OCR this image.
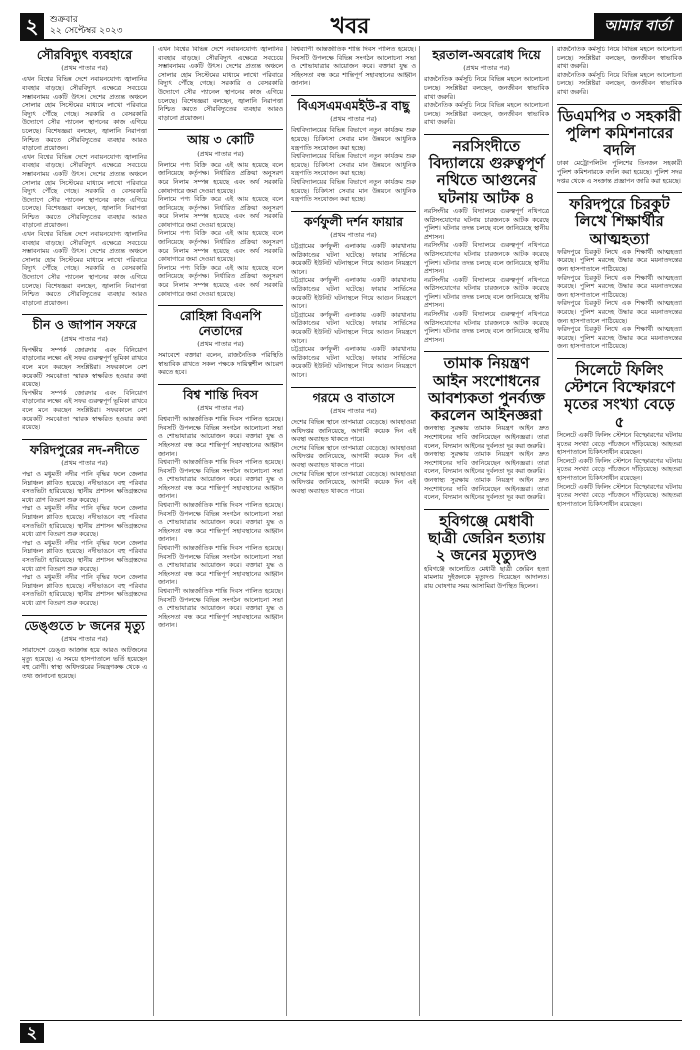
২	শুক্রবার
২২ সেপ্টেম্বর ২০২৩	খবর	আমার বার্তা
সৌরবিদ্যুৎ ব্যবহারে
(প্রথম পাতার পর)

এখন বিশ্বের বিভিন্ন দেশে নবায়নযোগ্য জ্বালানির ব্যবহার বাড়ছে। সৌরবিদ্যুৎ এক্ষেত্রে সবচেয়ে সম্ভাবনাময় একটি উৎস। দেশের প্রত্যন্ত অঞ্চলে সোলার হোম সিস্টেমের মাধ্যমে লাখো পরিবারে বিদ্যুৎ পৌঁছে গেছে। সরকারি ও বেসরকারি উদ্যোগে সৌর প্যানেল স্থাপনের কাজ এগিয়ে চলেছে। বিশেষজ্ঞরা বলছেন, জ্বালানি নিরাপত্তা নিশ্চিত করতে সৌরবিদ্যুতের ব্যবহার আরও বাড়ানো প্রয়োজন।

এখন বিশ্বের বিভিন্ন দেশে নবায়নযোগ্য জ্বালানির ব্যবহার বাড়ছে। সৌরবিদ্যুৎ এক্ষেত্রে সবচেয়ে সম্ভাবনাময় একটি উৎস। দেশের প্রত্যন্ত অঞ্চলে সোলার হোম সিস্টেমের মাধ্যমে লাখো পরিবারে বিদ্যুৎ পৌঁছে গেছে। সরকারি ও বেসরকারি উদ্যোগে সৌর প্যানেল স্থাপনের কাজ এগিয়ে চলেছে। বিশেষজ্ঞরা বলছেন, জ্বালানি নিরাপত্তা নিশ্চিত করতে সৌরবিদ্যুতের ব্যবহার আরও বাড়ানো প্রয়োজন।

এখন বিশ্বের বিভিন্ন দেশে নবায়নযোগ্য জ্বালানির ব্যবহার বাড়ছে। সৌরবিদ্যুৎ এক্ষেত্রে সবচেয়ে সম্ভাবনাময় একটি উৎস। দেশের প্রত্যন্ত অঞ্চলে সোলার হোম সিস্টেমের মাধ্যমে লাখো পরিবারে বিদ্যুৎ পৌঁছে গেছে। সরকারি ও বেসরকারি উদ্যোগে সৌর প্যানেল স্থাপনের কাজ এগিয়ে চলেছে। বিশেষজ্ঞরা বলছেন, জ্বালানি নিরাপত্তা নিশ্চিত করতে সৌরবিদ্যুতের ব্যবহার আরও বাড়ানো প্রয়োজন।

চীন ও জাপান সফরে
(প্রথম পাতার পর)

দ্বিপক্ষীয় সম্পর্ক জোরদার এবং বিনিয়োগ বাড়ানোর লক্ষ্যে এই সফর গুরুত্বপূর্ণ ভূমিকা রাখবে বলে মনে করছেন সংশ্লিষ্টরা। সফরকালে বেশ কয়েকটি সমঝোতা স্মারক স্বাক্ষরিত হওয়ার কথা রয়েছে।

দ্বিপক্ষীয় সম্পর্ক জোরদার এবং বিনিয়োগ বাড়ানোর লক্ষ্যে এই সফর গুরুত্বপূর্ণ ভূমিকা রাখবে বলে মনে করছেন সংশ্লিষ্টরা। সফরকালে বেশ কয়েকটি সমঝোতা স্মারক স্বাক্ষরিত হওয়ার কথা রয়েছে।

ফরিদপুরের নদ-নদীতে
(প্রথম পাতার পর)

পদ্মা ও মধুমতী নদীর পানি বৃদ্ধির ফলে জেলার নিম্নাঞ্চল প্লাবিত হয়েছে। নদীভাঙনে বহু পরিবার বসতভিটা হারিয়েছে। স্থানীয় প্রশাসন ক্ষতিগ্রস্তদের মধ্যে ত্রাণ বিতরণ শুরু করেছে।

পদ্মা ও মধুমতী নদীর পানি বৃদ্ধির ফলে জেলার নিম্নাঞ্চল প্লাবিত হয়েছে। নদীভাঙনে বহু পরিবার বসতভিটা হারিয়েছে। স্থানীয় প্রশাসন ক্ষতিগ্রস্তদের মধ্যে ত্রাণ বিতরণ শুরু করেছে।

পদ্মা ও মধুমতী নদীর পানি বৃদ্ধির ফলে জেলার নিম্নাঞ্চল প্লাবিত হয়েছে। নদীভাঙনে বহু পরিবার বসতভিটা হারিয়েছে। স্থানীয় প্রশাসন ক্ষতিগ্রস্তদের মধ্যে ত্রাণ বিতরণ শুরু করেছে।

পদ্মা ও মধুমতী নদীর পানি বৃদ্ধির ফলে জেলার নিম্নাঞ্চল প্লাবিত হয়েছে। নদীভাঙনে বহু পরিবার বসতভিটা হারিয়েছে। স্থানীয় প্রশাসন ক্ষতিগ্রস্তদের মধ্যে ত্রাণ বিতরণ শুরু করেছে।

ডেঙ্গুতে ৮ জনের মৃত্যু
(প্রথম পাতার পর)

সারাদেশে ডেঙ্গু আক্রান্ত হয়ে আরও আটজনের মৃত্যু হয়েছে। এ সময়ে হাসপাতালে ভর্তি হয়েছেন বহু রোগী। স্বাস্থ্য অধিদপ্তরের নিয়ন্ত্রণকক্ষ থেকে এ তথ্য জানানো হয়েছে।

এখন বিশ্বের বিভিন্ন দেশে নবায়নযোগ্য জ্বালানির ব্যবহার বাড়ছে। সৌরবিদ্যুৎ এক্ষেত্রে সবচেয়ে সম্ভাবনাময় একটি উৎস। দেশের প্রত্যন্ত অঞ্চলে সোলার হোম সিস্টেমের মাধ্যমে লাখো পরিবারে বিদ্যুৎ পৌঁছে গেছে। সরকারি ও বেসরকারি উদ্যোগে সৌর প্যানেল স্থাপনের কাজ এগিয়ে চলেছে। বিশেষজ্ঞরা বলছেন, জ্বালানি নিরাপত্তা নিশ্চিত করতে সৌরবিদ্যুতের ব্যবহার আরও বাড়ানো প্রয়োজন।

আয় ৩ কোটি
(প্রথম পাতার পর)

নিলামে পণ্য বিক্রি করে এই আয় হয়েছে বলে জানিয়েছে কর্তৃপক্ষ। নির্ধারিত প্রক্রিয়া অনুসরণ করে নিলাম সম্পন্ন হয়েছে এবং অর্থ সরকারি কোষাগারে জমা দেওয়া হয়েছে।

নিলামে পণ্য বিক্রি করে এই আয় হয়েছে বলে জানিয়েছে কর্তৃপক্ষ। নির্ধারিত প্রক্রিয়া অনুসরণ করে নিলাম সম্পন্ন হয়েছে এবং অর্থ সরকারি কোষাগারে জমা দেওয়া হয়েছে।

নিলামে পণ্য বিক্রি করে এই আয় হয়েছে বলে জানিয়েছে কর্তৃপক্ষ। নির্ধারিত প্রক্রিয়া অনুসরণ করে নিলাম সম্পন্ন হয়েছে এবং অর্থ সরকারি কোষাগারে জমা দেওয়া হয়েছে।

নিলামে পণ্য বিক্রি করে এই আয় হয়েছে বলে জানিয়েছে কর্তৃপক্ষ। নির্ধারিত প্রক্রিয়া অনুসরণ করে নিলাম সম্পন্ন হয়েছে এবং অর্থ সরকারি কোষাগারে জমা দেওয়া হয়েছে।

রোহিঙ্গা বিএনপি নেতাদের
(প্রথম পাতার পর)

সমাবেশে বক্তারা বলেন, রাজনৈতিক পরিস্থিতি স্বাভাবিক রাখতে সকল পক্ষকে দায়িত্বশীল আচরণ করতে হবে।

বিশ্ব শান্তি দিবস
(প্রথম পাতার পর)

বিশ্বব্যাপী আন্তর্জাতিক শান্তি দিবস পালিত হয়েছে। দিবসটি উপলক্ষে বিভিন্ন সংগঠন আলোচনা সভা ও শোভাযাত্রার আয়োজন করে। বক্তারা যুদ্ধ ও সহিংসতা বন্ধ করে শান্তিপূর্ণ সহাবস্থানের আহ্বান জানান।

বিশ্বব্যাপী আন্তর্জাতিক শান্তি দিবস পালিত হয়েছে। দিবসটি উপলক্ষে বিভিন্ন সংগঠন আলোচনা সভা ও শোভাযাত্রার আয়োজন করে। বক্তারা যুদ্ধ ও সহিংসতা বন্ধ করে শান্তিপূর্ণ সহাবস্থানের আহ্বান জানান।

বিশ্বব্যাপী আন্তর্জাতিক শান্তি দিবস পালিত হয়েছে। দিবসটি উপলক্ষে বিভিন্ন সংগঠন আলোচনা সভা ও শোভাযাত্রার আয়োজন করে। বক্তারা যুদ্ধ ও সহিংসতা বন্ধ করে শান্তিপূর্ণ সহাবস্থানের আহ্বান জানান।

বিশ্বব্যাপী আন্তর্জাতিক শান্তি দিবস পালিত হয়েছে। দিবসটি উপলক্ষে বিভিন্ন সংগঠন আলোচনা সভা ও শোভাযাত্রার আয়োজন করে। বক্তারা যুদ্ধ ও সহিংসতা বন্ধ করে শান্তিপূর্ণ সহাবস্থানের আহ্বান জানান।

বিশ্বব্যাপী আন্তর্জাতিক শান্তি দিবস পালিত হয়েছে। দিবসটি উপলক্ষে বিভিন্ন সংগঠন আলোচনা সভা ও শোভাযাত্রার আয়োজন করে। বক্তারা যুদ্ধ ও সহিংসতা বন্ধ করে শান্তিপূর্ণ সহাবস্থানের আহ্বান জানান।

বিশ্বব্যাপী আন্তর্জাতিক শান্তি দিবস পালিত হয়েছে। দিবসটি উপলক্ষে বিভিন্ন সংগঠন আলোচনা সভা ও শোভাযাত্রার আয়োজন করে। বক্তারা যুদ্ধ ও সহিংসতা বন্ধ করে শান্তিপূর্ণ সহাবস্থানের আহ্বান জানান।

বিএসএমএমইউ-র বাছু
(প্রথম পাতার পর)

বিশ্ববিদ্যালয়ের বিভিন্ন বিভাগে নতুন কার্যক্রম শুরু হয়েছে। চিকিৎসা সেবার মান উন্নয়নে আধুনিক যন্ত্রপাতি সংযোজন করা হচ্ছে।

বিশ্ববিদ্যালয়ের বিভিন্ন বিভাগে নতুন কার্যক্রম শুরু হয়েছে। চিকিৎসা সেবার মান উন্নয়নে আধুনিক যন্ত্রপাতি সংযোজন করা হচ্ছে।

বিশ্ববিদ্যালয়ের বিভিন্ন বিভাগে নতুন কার্যক্রম শুরু হয়েছে। চিকিৎসা সেবার মান উন্নয়নে আধুনিক যন্ত্রপাতি সংযোজন করা হচ্ছে।

কর্ণফুলী দর্শন ফায়ার
(প্রথম পাতার পর)

চট্টগ্রামের কর্ণফুলী এলাকায় একটি কারখানায় অগ্নিকাণ্ডের ঘটনা ঘটেছে। ফায়ার সার্ভিসের কয়েকটি ইউনিট ঘটনাস্থলে গিয়ে আগুন নিয়ন্ত্রণে আনে।

চট্টগ্রামের কর্ণফুলী এলাকায় একটি কারখানায় অগ্নিকাণ্ডের ঘটনা ঘটেছে। ফায়ার সার্ভিসের কয়েকটি ইউনিট ঘটনাস্থলে গিয়ে আগুন নিয়ন্ত্রণে আনে।

চট্টগ্রামের কর্ণফুলী এলাকায় একটি কারখানায় অগ্নিকাণ্ডের ঘটনা ঘটেছে। ফায়ার সার্ভিসের কয়েকটি ইউনিট ঘটনাস্থলে গিয়ে আগুন নিয়ন্ত্রণে আনে।

চট্টগ্রামের কর্ণফুলী এলাকায় একটি কারখানায় অগ্নিকাণ্ডের ঘটনা ঘটেছে। ফায়ার সার্ভিসের কয়েকটি ইউনিট ঘটনাস্থলে গিয়ে আগুন নিয়ন্ত্রণে আনে।

গরমে ও বাতাসে
(প্রথম পাতার পর)

দেশের বিভিন্ন স্থানে তাপমাত্রা বেড়েছে। আবহাওয়া অধিদপ্তর জানিয়েছে, আগামী কয়েক দিন এই অবস্থা অব্যাহত থাকতে পারে।

দেশের বিভিন্ন স্থানে তাপমাত্রা বেড়েছে। আবহাওয়া অধিদপ্তর জানিয়েছে, আগামী কয়েক দিন এই অবস্থা অব্যাহত থাকতে পারে।

দেশের বিভিন্ন স্থানে তাপমাত্রা বেড়েছে। আবহাওয়া অধিদপ্তর জানিয়েছে, আগামী কয়েক দিন এই অবস্থা অব্যাহত থাকতে পারে।

হরতাল-অবরোধ দিয়ে
(প্রথম পাতার পর)

রাজনৈতিক কর্মসূচি নিয়ে বিভিন্ন মহলে আলোচনা চলছে। সংশ্লিষ্টরা বলছেন, জনজীবন স্বাভাবিক রাখা জরুরি।

রাজনৈতিক কর্মসূচি নিয়ে বিভিন্ন মহলে আলোচনা চলছে। সংশ্লিষ্টরা বলছেন, জনজীবন স্বাভাবিক রাখা জরুরি।

নরসিংদীতে বিদ্যালয়ে গুরুত্বপূর্ণ নথিতে আগুনের ঘটনায় আটক ৪

নরসিংদীর একটি বিদ্যালয়ে গুরুত্বপূর্ণ নথিপত্রে অগ্নিসংযোগের ঘটনায় চারজনকে আটক করেছে পুলিশ। ঘটনার তদন্ত চলছে বলে জানিয়েছে স্থানীয় প্রশাসন।

নরসিংদীর একটি বিদ্যালয়ে গুরুত্বপূর্ণ নথিপত্রে অগ্নিসংযোগের ঘটনায় চারজনকে আটক করেছে পুলিশ। ঘটনার তদন্ত চলছে বলে জানিয়েছে স্থানীয় প্রশাসন।

নরসিংদীর একটি বিদ্যালয়ে গুরুত্বপূর্ণ নথিপত্রে অগ্নিসংযোগের ঘটনায় চারজনকে আটক করেছে পুলিশ। ঘটনার তদন্ত চলছে বলে জানিয়েছে স্থানীয় প্রশাসন।

নরসিংদীর একটি বিদ্যালয়ে গুরুত্বপূর্ণ নথিপত্রে অগ্নিসংযোগের ঘটনায় চারজনকে আটক করেছে পুলিশ। ঘটনার তদন্ত চলছে বলে জানিয়েছে স্থানীয় প্রশাসন।

তামাক নিয়ন্ত্রণ আইন সংশোধনের আবশ্যকতা পুনর্ব্যক্ত করলেন আইনজ্ঞরা

জনস্বাস্থ্য সুরক্ষায় তামাক নিয়ন্ত্রণ আইন দ্রুত সংশোধনের দাবি জানিয়েছেন আইনজ্ঞরা। তারা বলেন, বিদ্যমান আইনের দুর্বলতা দূর করা জরুরি।

জনস্বাস্থ্য সুরক্ষায় তামাক নিয়ন্ত্রণ আইন দ্রুত সংশোধনের দাবি জানিয়েছেন আইনজ্ঞরা। তারা বলেন, বিদ্যমান আইনের দুর্বলতা দূর করা জরুরি।

জনস্বাস্থ্য সুরক্ষায় তামাক নিয়ন্ত্রণ আইন দ্রুত সংশোধনের দাবি জানিয়েছেন আইনজ্ঞরা। তারা বলেন, বিদ্যমান আইনের দুর্বলতা দূর করা জরুরি।

হবিগঞ্জে মেধাবী ছাত্রী জেরিন হত্যায় ২ জনের মৃত্যুদণ্ড

হবিগঞ্জে আলোচিত মেধাবী ছাত্রী জেরিন হত্যা মামলায় দুইজনকে মৃত্যুদণ্ড দিয়েছেন আদালত। রায় ঘোষণার সময় আসামিরা উপস্থিত ছিলেন।

রাজনৈতিক কর্মসূচি নিয়ে বিভিন্ন মহলে আলোচনা চলছে। সংশ্লিষ্টরা বলছেন, জনজীবন স্বাভাবিক রাখা জরুরি।

রাজনৈতিক কর্মসূচি নিয়ে বিভিন্ন মহলে আলোচনা চলছে। সংশ্লিষ্টরা বলছেন, জনজীবন স্বাভাবিক রাখা জরুরি।

ডিএমপির ৩ সহকারী পুলিশ কমিশনারের বদলি

ঢাকা মেট্রোপলিটন পুলিশের তিনজন সহকারী পুলিশ কমিশনারকে বদলি করা হয়েছে। পুলিশ সদর দপ্তর থেকে এ সংক্রান্ত প্রজ্ঞাপন জারি করা হয়েছে।

ফরিদপুরে চিরকুট লিখে শিক্ষার্থীর আত্মহত্যা

ফরিদপুরে চিরকুট লিখে এক শিক্ষার্থী আত্মহত্যা করেছে। পুলিশ মরদেহ উদ্ধার করে ময়নাতদন্তের জন্য হাসপাতালে পাঠিয়েছে।

ফরিদপুরে চিরকুট লিখে এক শিক্ষার্থী আত্মহত্যা করেছে। পুলিশ মরদেহ উদ্ধার করে ময়নাতদন্তের জন্য হাসপাতালে পাঠিয়েছে।

ফরিদপুরে চিরকুট লিখে এক শিক্ষার্থী আত্মহত্যা করেছে। পুলিশ মরদেহ উদ্ধার করে ময়নাতদন্তের জন্য হাসপাতালে পাঠিয়েছে।

ফরিদপুরে চিরকুট লিখে এক শিক্ষার্থী আত্মহত্যা করেছে। পুলিশ মরদেহ উদ্ধার করে ময়নাতদন্তের জন্য হাসপাতালে পাঠিয়েছে।

সিলেটে ফিলিং স্টেশনে বিস্ফোরণে মৃতের সংখ্যা বেড়ে ৫

সিলেটে একটি ফিলিং স্টেশনে বিস্ফোরণের ঘটনায় মৃতের সংখ্যা বেড়ে পাঁচজনে দাঁড়িয়েছে। আহতরা হাসপাতালে চিকিৎসাধীন রয়েছেন।

সিলেটে একটি ফিলিং স্টেশনে বিস্ফোরণের ঘটনায় মৃতের সংখ্যা বেড়ে পাঁচজনে দাঁড়িয়েছে। আহতরা হাসপাতালে চিকিৎসাধীন রয়েছেন।

সিলেটে একটি ফিলিং স্টেশনে বিস্ফোরণের ঘটনায় মৃতের সংখ্যা বেড়ে পাঁচজনে দাঁড়িয়েছে। আহতরা হাসপাতালে চিকিৎসাধীন রয়েছেন।

২
